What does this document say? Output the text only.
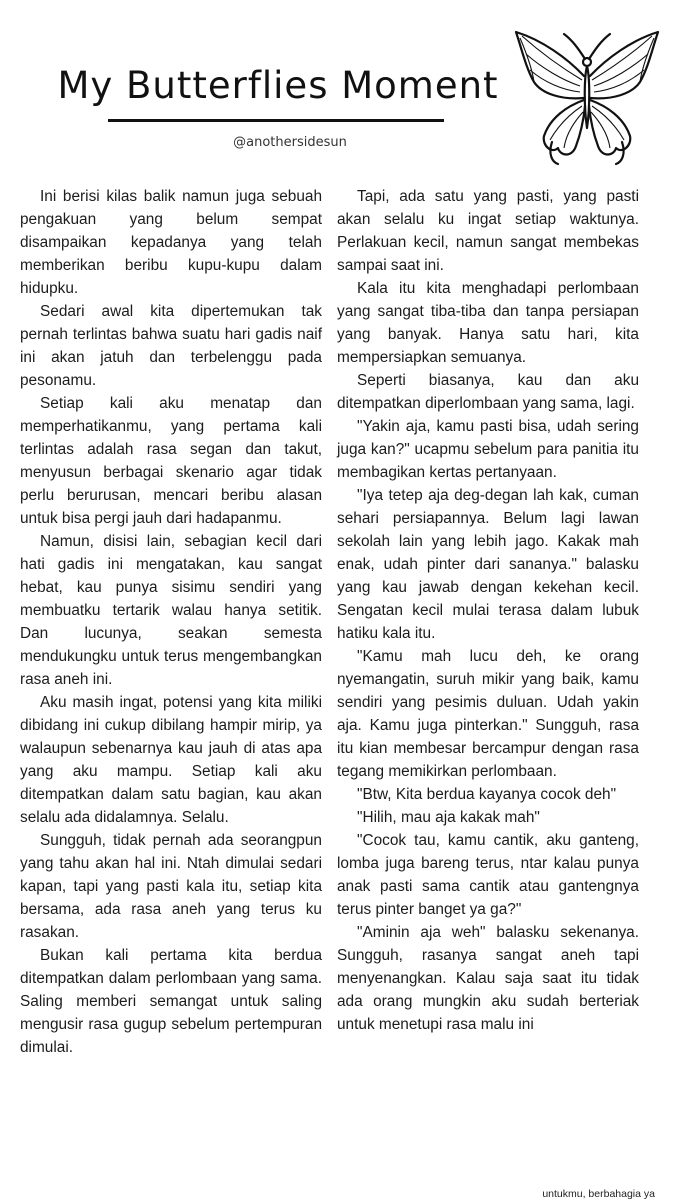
My Butterflies Moment
@anothersidesun

Ini berisi kilas balik namun juga sebuah pengakuan yang belum sempat disampaikan kepadanya yang telah memberikan beribu kupu-kupu dalam hidupku.

Sedari awal kita dipertemukan tak pernah terlintas bahwa suatu hari gadis naif ini akan jatuh dan terbelenggu pada pesonamu.

Setiap kali aku menatap dan memperhatikanmu, yang pertama kali terlintas adalah rasa segan dan takut, menyusun berbagai skenario agar tidak perlu berurusan, mencari beribu alasan untuk bisa pergi jauh dari hadapanmu.

Namun, disisi lain, sebagian kecil dari hati gadis ini mengatakan, kau sangat hebat, kau punya sisimu sendiri yang membuatku tertarik walau hanya setitik. Dan lucunya, seakan semesta mendukungku untuk terus mengembangkan rasa aneh ini.

Aku masih ingat, potensi yang kita miliki dibidang ini cukup dibilang hampir mirip, ya walaupun sebenarnya kau jauh di atas apa yang aku mampu. Setiap kali aku ditempatkan dalam satu bagian, kau akan selalu ada didalamnya. Selalu.

Sungguh, tidak pernah ada seorangpun yang tahu akan hal ini. Ntah dimulai sedari kapan, tapi yang pasti kala itu, setiap kita bersama, ada rasa aneh yang terus ku rasakan.

Bukan kali pertama kita berdua ditempatkan dalam perlombaan yang sama. Saling memberi semangat untuk saling mengusir rasa gugup sebelum pertempuran dimulai.

Tapi, ada satu yang pasti, yang pasti akan selalu ku ingat setiap waktunya. Perlakuan kecil, namun sangat membekas sampai saat ini.

Kala itu kita menghadapi perlombaan yang sangat tiba-tiba dan tanpa persiapan yang banyak. Hanya satu hari, kita mempersiapkan semuanya.

Seperti biasanya, kau dan aku ditempatkan diperlombaan yang sama, lagi.

"Yakin aja, kamu pasti bisa, udah sering juga kan?" ucapmu sebelum para panitia itu membagikan kertas pertanyaan.

"Iya tetep aja deg-degan lah kak, cuman sehari persiapannya. Belum lagi lawan sekolah lain yang lebih jago. Kakak mah enak, udah pinter dari sananya." balasku yang kau jawab dengan kekehan kecil. Sengatan kecil mulai terasa dalam lubuk hatiku kala itu.

"Kamu mah lucu deh, ke orang nyemangatin, suruh mikir yang baik, kamu sendiri yang pesimis duluan. Udah yakin aja. Kamu juga pinterkan." Sungguh, rasa itu kian membesar bercampur dengan rasa tegang memikirkan perlombaan.

"Btw, Kita berdua kayanya cocok deh"

"Hilih, mau aja kakak mah"

"Cocok tau, kamu cantik, aku ganteng, lomba juga bareng terus, ntar kalau punya anak pasti sama cantik atau gantengnya terus pinter banget ya ga?"

"Aminin aja weh" balasku sekenanya. Sungguh, rasanya sangat aneh tapi menyenangkan. Kalau saja saat itu tidak ada orang mungkin aku sudah berteriak untuk menetupi rasa malu ini

untukmu, berbahagia ya
